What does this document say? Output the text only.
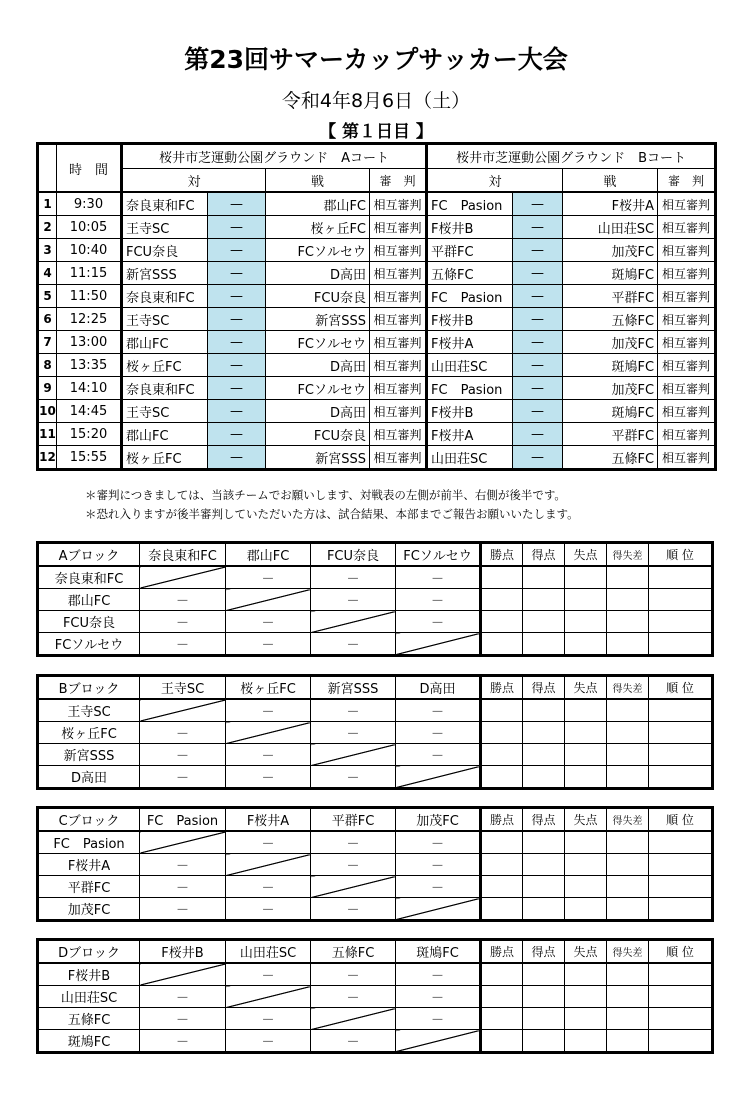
第23回サマーカップサッカー大会
令和4年8月6日（土）
【 第１日目 】
	時　間	桜井市芝運動公園グラウンド　Aコート				桜井市芝運動公園グラウンド　Bコート			
		対		戦	審　判	対		戦	審　判
1	9:30	奈良東和FC	—	郡山FC	相互審判	FC　Pasion	—	F桜井A	相互審判
2	10:05	王寺SC	—	桜ヶ丘FC	相互審判	F桜井B	—	山田荘SC	相互審判
3	10:40	FCU奈良	—	FCソルセウ	相互審判	平群FC	—	加茂FC	相互審判
4	11:15	新宮SSS	—	D高田	相互審判	五條FC	—	斑鳩FC	相互審判
5	11:50	奈良東和FC	—	FCU奈良	相互審判	FC　Pasion	—	平群FC	相互審判
6	12:25	王寺SC	—	新宮SSS	相互審判	F桜井B	—	五條FC	相互審判
7	13:00	郡山FC	—	FCソルセウ	相互審判	F桜井A	—	加茂FC	相互審判
8	13:35	桜ヶ丘FC	—	D高田	相互審判	山田荘SC	—	斑鳩FC	相互審判
9	14:10	奈良東和FC	—	FCソルセウ	相互審判	FC　Pasion	—	加茂FC	相互審判
10	14:45	王寺SC	—	D高田	相互審判	F桜井B	—	斑鳩FC	相互審判
11	15:20	郡山FC	—	FCU奈良	相互審判	F桜井A	—	平群FC	相互審判
12	15:55	桜ヶ丘FC	—	新宮SSS	相互審判	山田荘SC	—	五條FC	相互審判
＊審判につきましては、当該チームでお願いします、対戦表の左側が前半、右側が後半です。
＊恐れ入りますが後半審判していただいた方は、試合結果、本部までご報告お願いいたします。
Aブロック	奈良東和FC	郡山FC	FCU奈良	FCソルセウ	勝点	得点	失点	得失差	順 位
奈良東和FC		－	－	－					
郡山FC	－		－	－					
FCU奈良	－	－		－					
FCソルセウ	－	－	－						
Bブロック	王寺SC	桜ヶ丘FC	新宮SSS	D高田	勝点	得点	失点	得失差	順 位
王寺SC		－	－	－					
桜ヶ丘FC	－		－	－					
新宮SSS	－	－		－					
D高田	－	－	－						
Cブロック	FC　Pasion	F桜井A	平群FC	加茂FC	勝点	得点	失点	得失差	順 位
FC　Pasion		－	－	－					
F桜井A	－		－	－					
平群FC	－	－		－					
加茂FC	－	－	－						
Dブロック	F桜井B	山田荘SC	五條FC	斑鳩FC	勝点	得点	失点	得失差	順 位
F桜井B		－	－	－					
山田荘SC	－		－	－					
五條FC	－	－		－					
斑鳩FC	－	－	－						
